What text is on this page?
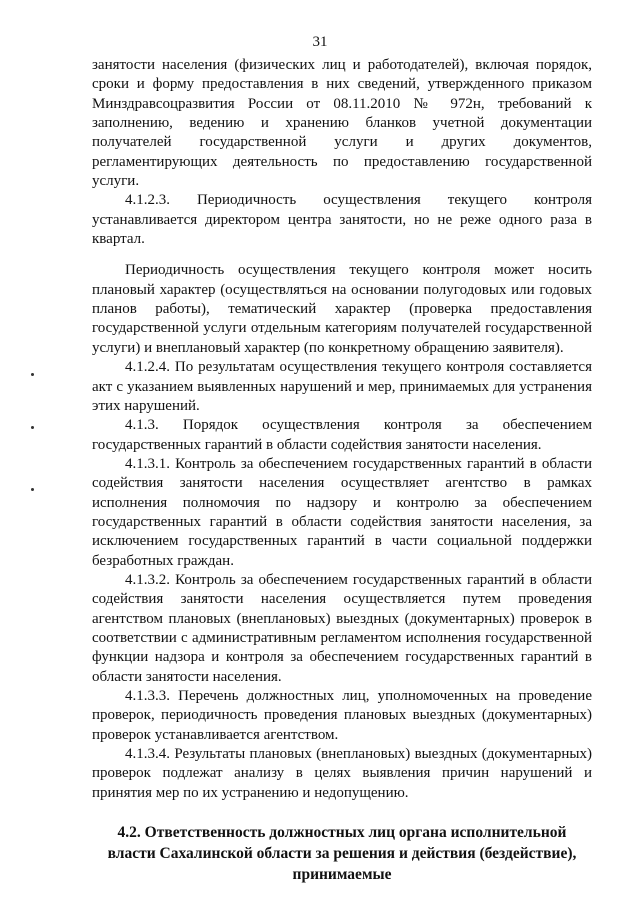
31

занятости населения (физических лиц и работодателей), включая порядок, сроки и форму предоставления в них сведений, утвержденного приказом Минздравсоцразвития России от 08.11.2010 № 972н, требований к заполнению, ведению и хранению бланков учетной документации получателей государственной услуги и других документов, регламентирующих деятельность по предоставлению государственной услуги.

4.1.2.3. Периодичность осуществления текущего контроля устанавливается директором центра занятости, но не реже одного раза в квартал.

Периодичность осуществления текущего контроля может носить плановый характер (осуществляться на основании полугодовых или годовых планов работы), тематический характер (проверка предоставления государственной услуги отдельным категориям получателей государственной услуги) и внеплановый характер (по конкретному обращению заявителя).

4.1.2.4. По результатам осуществления текущего контроля составляется акт с указанием выявленных нарушений и мер, принимаемых для устранения этих нарушений.

4.1.3. Порядок осуществления контроля за обеспечением государственных гарантий в области содействия занятости населения.

4.1.3.1. Контроль за обеспечением государственных гарантий в области содействия занятости населения осуществляет агентство в рамках исполнения полномочия по надзору и контролю за обеспечением государственных гарантий в области содействия занятости населения, за исключением государственных гарантий в части социальной поддержки безработных граждан.

4.1.3.2. Контроль за обеспечением государственных гарантий в области содействия занятости населения осуществляется путем проведения агентством плановых (внеплановых) выездных (документарных) проверок в соответствии с административным регламентом исполнения государственной функции надзора и контроля за обеспечением государственных гарантий в области занятости населения.

4.1.3.3. Перечень должностных лиц, уполномоченных на проведение проверок, периодичность проведения плановых выездных (документарных) проверок устанавливается агентством.

4.1.3.4. Результаты плановых (внеплановых) выездных (документарных) проверок подлежат анализу в целях выявления причин нарушений и принятия мер по их устранению и недопущению.

4.2. Ответственность должностных лиц органа исполнительной власти Сахалинской области за решения и действия (бездействие), принимаемые
